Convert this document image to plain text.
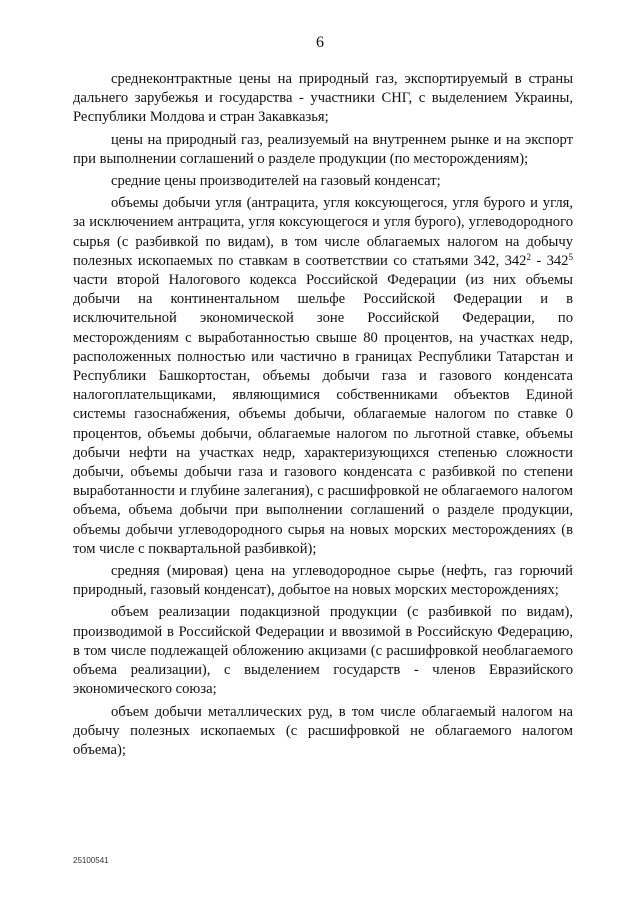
6

среднеконтрактные цены на природный газ, экспортируемый в страны дальнего зарубежья и государства - участники СНГ, с выделением Украины, Республики Молдова и стран Закавказья;

цены на природный газ, реализуемый на внутреннем рынке и на экспорт при выполнении соглашений о разделе продукции (по месторождениям);

средние цены производителей на газовый конденсат;

объемы добычи угля (антрацита, угля коксующегося, угля бурого и угля, за исключением антрацита, угля коксующегося и угля бурого), углеводородного сырья (с разбивкой по видам), в том числе облагаемых налогом на добычу полезных ископаемых по ставкам в соответствии со статьями 342, $342^2 - 342^5$ части второй Налогового кодекса Российской Федерации (из них объемы добычи на континентальном шельфе Российской Федерации и в исключительной экономической зоне Российской Федерации, по месторождениям с выработанностью свыше 80 процентов, на участках недр, расположенных полностью или частично в границах Республики Татарстан и Республики Башкортостан, объемы добычи газа и газового конденсата налогоплательщиками, являющимися собственниками объектов Единой системы газоснабжения, объемы добычи, облагаемые налогом по ставке 0 процентов, объемы добычи, облагаемые налогом по льготной ставке, объемы добычи нефти на участках недр, характеризующихся степенью сложности добычи, объемы добычи газа и газового конденсата с разбивкой по степени выработанности и глубине залегания), с расшифровкой не облагаемого налогом объема, объема добычи при выполнении соглашений о разделе продукции, объемы добычи углеводородного сырья на новых морских месторождениях (в том числе с поквартальной разбивкой);

средняя (мировая) цена на углеводородное сырье (нефть, газ горючий природный, газовый конденсат), добытое на новых морских месторождениях;

объем реализации подакцизной продукции (с разбивкой по видам), производимой в Российской Федерации и ввозимой в Российскую Федерацию, в том числе подлежащей обложению акцизами (с расшифровкой необлагаемого объема реализации), с выделением государств - членов Евразийского экономического союза;

объем добычи металлических руд, в том числе облагаемый налогом на добычу полезных ископаемых (с расшифровкой не облагаемого налогом объема);

25100541
